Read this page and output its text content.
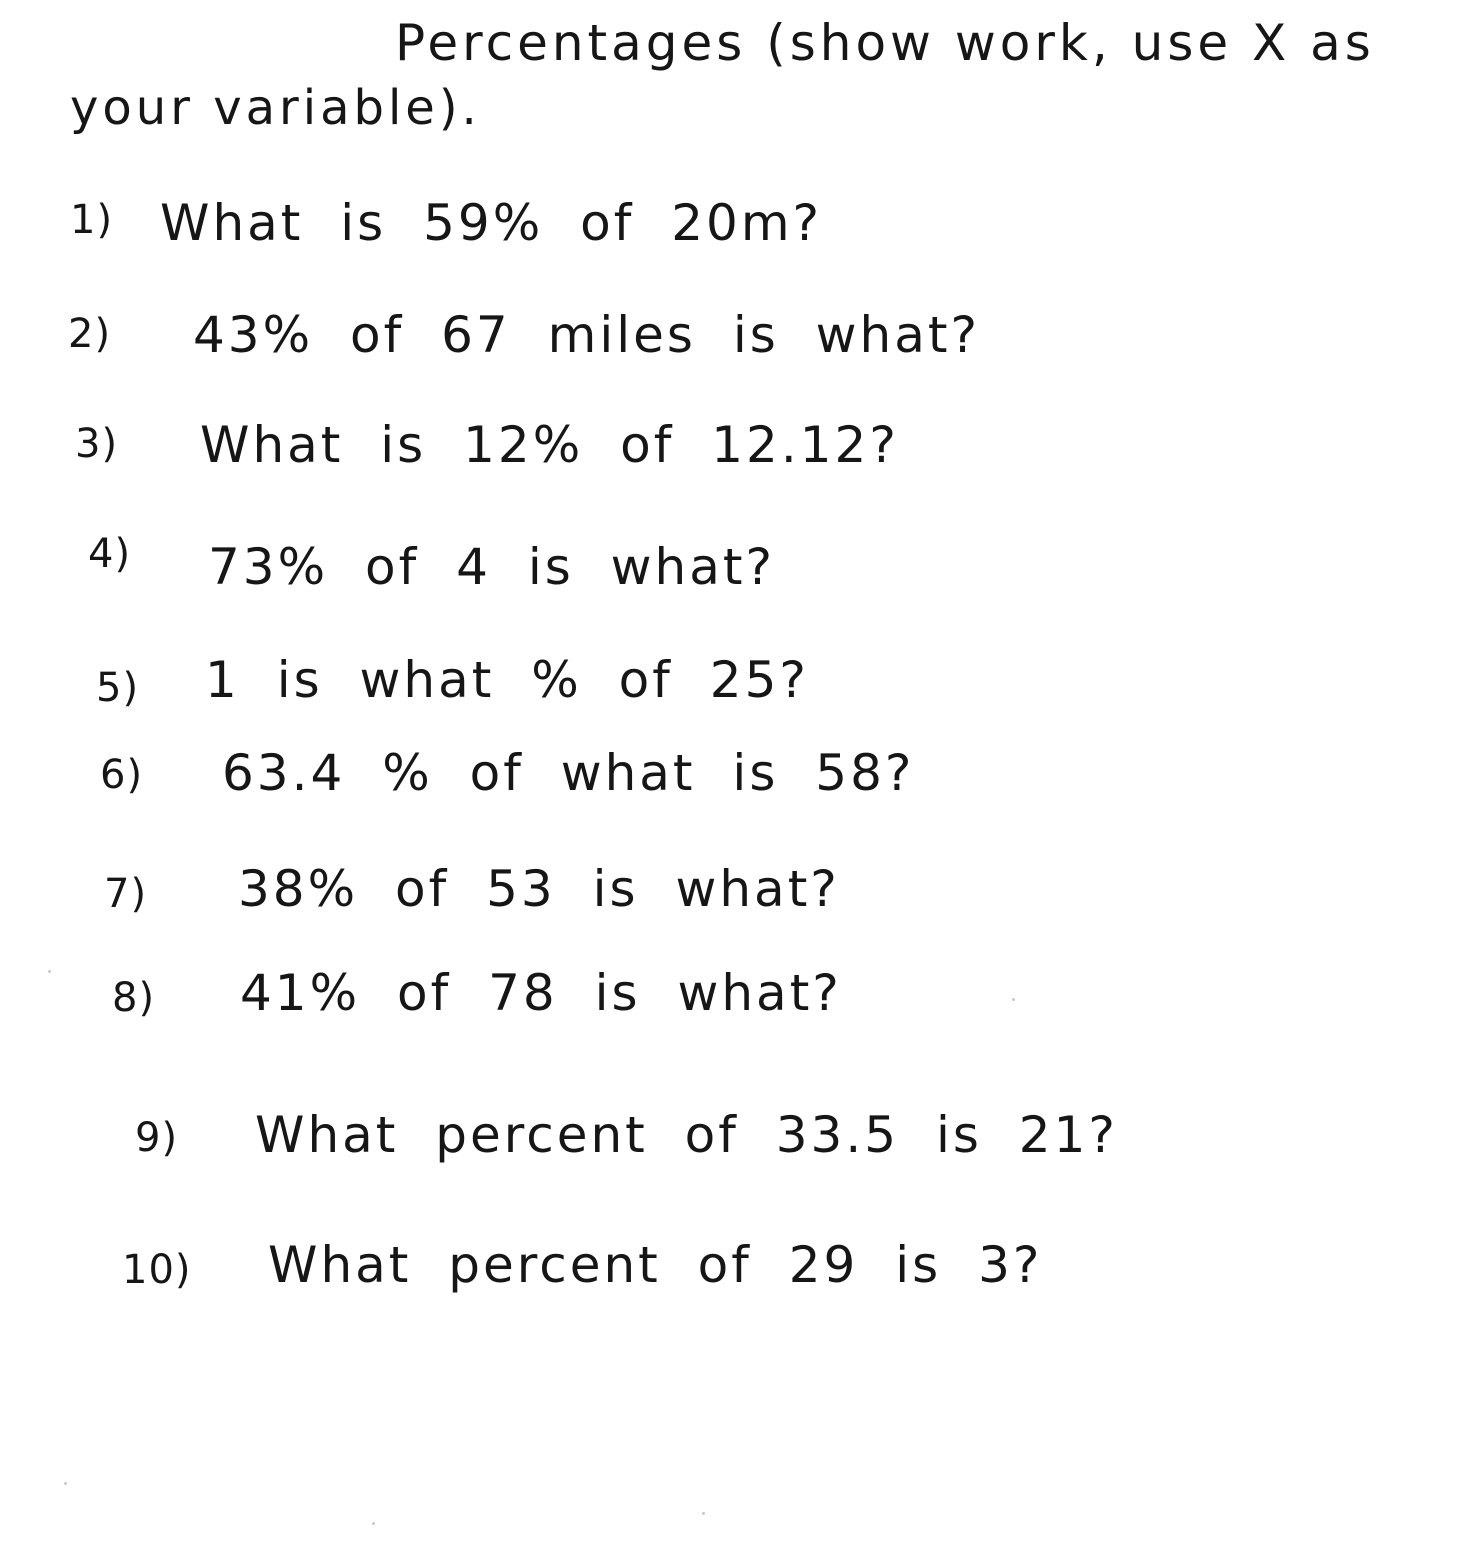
Percentages (show work, use X as
your variable).
1) What is 59% of 20m?
2) 43% of 67 miles is what?
3) What is 12% of 12.12?
4) 73% of 4 is what?
5) 1 is what % of 25?
6) 63.4 % of what is 58?
7) 38% of 53 is what?
8) 41% of 78 is what?
9) What percent of 33.5 is 21?
10) What percent of 29 is 3?
